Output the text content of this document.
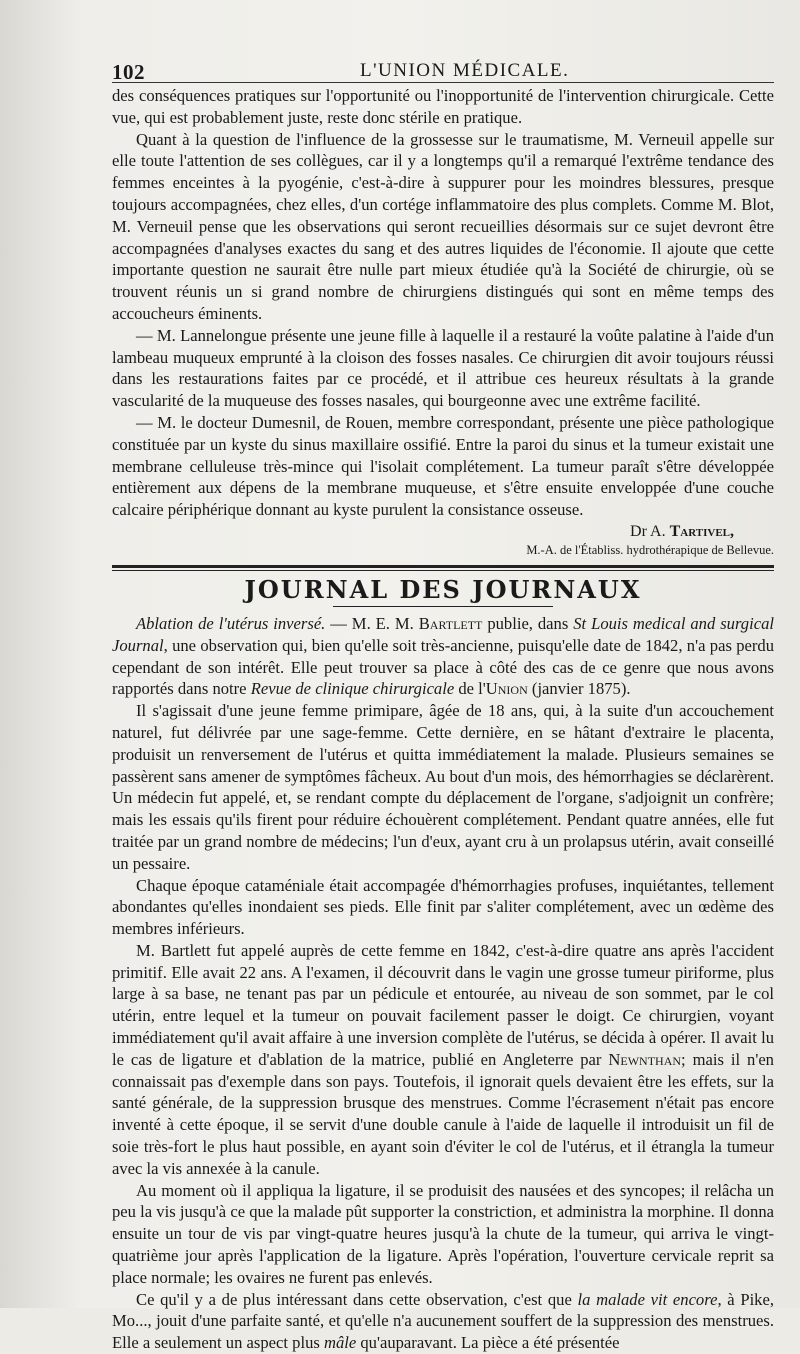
102	L'UNION MÉDICALE.

des conséquences pratiques sur l'opportunité ou l'inopportunité de l'intervention chirurgicale. Cette vue, qui est probablement juste, reste donc stérile en pratique.

Quant à la question de l'influence de la grossesse sur le traumatisme, M. Verneuil appelle sur elle toute l'attention de ses collègues, car il y a longtemps qu'il a remarqué l'extrême tendance des femmes enceintes à la pyogénie, c'est-à-dire à suppurer pour les moindres blessures, presque toujours accompagnées, chez elles, d'un cortége inflammatoire des plus complets. Comme M. Blot, M. Verneuil pense que les observations qui seront recueillies désormais sur ce sujet devront être accompagnées d'analyses exactes du sang et des autres liquides de l'économie. Il ajoute que cette importante question ne saurait être nulle part mieux étudiée qu'à la Société de chirurgie, où se trouvent réunis un si grand nombre de chirurgiens distingués qui sont en même temps des accoucheurs éminents.

— M. Lannelongue présente une jeune fille à laquelle il a restauré la voûte palatine à l'aide d'un lambeau muqueux emprunté à la cloison des fosses nasales. Ce chirurgien dit avoir toujours réussi dans les restaurations faites par ce procédé, et il attribue ces heureux résultats à la grande vascularité de la muqueuse des fosses nasales, qui bourgeonne avec une extrême facilité.

— M. le docteur Dumesnil, de Rouen, membre correspondant, présente une pièce pathologique constituée par un kyste du sinus maxillaire ossifié. Entre la paroi du sinus et la tumeur existait une membrane celluleuse très-mince qui l'isolait complétement. La tumeur paraît s'être développée entièrement aux dépens de la membrane muqueuse, et s'être ensuite enveloppée d'une couche calcaire périphérique donnant au kyste purulent la consistance osseuse.

Dr A. Tartivel,
M.-A. de l'Établiss. hydrothérapique de Bellevue.
JOURNAL DES JOURNAUX

Ablation de l'utérus inversé. — M. E. M. Bartlett publie, dans St Louis medical and surgical Journal, une observation qui, bien qu'elle soit très-ancienne, puisqu'elle date de 1842, n'a pas perdu cependant de son intérêt. Elle peut trouver sa place à côté des cas de ce genre que nous avons rapportés dans notre Revue de clinique chirurgicale de l'Union (janvier 1875).

Il s'agissait d'une jeune femme primipare, âgée de 18 ans, qui, à la suite d'un accouchement naturel, fut délivrée par une sage-femme. Cette dernière, en se hâtant d'extraire le placenta, produisit un renversement de l'utérus et quitta immédiatement la malade. Plusieurs semaines se passèrent sans amener de symptômes fâcheux. Au bout d'un mois, des hémorrhagies se déclarèrent. Un médecin fut appelé, et, se rendant compte du déplacement de l'organe, s'adjoignit un confrère; mais les essais qu'ils firent pour réduire échouèrent complétement. Pendant quatre années, elle fut traitée par un grand nombre de médecins; l'un d'eux, ayant cru à un prolapsus utérin, avait conseillé un pessaire.

Chaque époque cataméniale était accompagée d'hémorrhagies profuses, inquiétantes, tellement abondantes qu'elles inondaient ses pieds. Elle finit par s'aliter complétement, avec un œdème des membres inférieurs.

M. Bartlett fut appelé auprès de cette femme en 1842, c'est-à-dire quatre ans après l'accident primitif. Elle avait 22 ans. A l'examen, il découvrit dans le vagin une grosse tumeur piriforme, plus large à sa base, ne tenant pas par un pédicule et entourée, au niveau de son sommet, par le col utérin, entre lequel et la tumeur on pouvait facilement passer le doigt. Ce chirurgien, voyant immédiatement qu'il avait affaire à une inversion complète de l'utérus, se décida à opérer. Il avait lu le cas de ligature et d'ablation de la matrice, publié en Angleterre par Newnthan; mais il n'en connaissait pas d'exemple dans son pays. Toutefois, il ignorait quels devaient être les effets, sur la santé générale, de la suppression brusque des menstrues. Comme l'écrasement n'était pas encore inventé à cette époque, il se servit d'une double canule à l'aide de laquelle il introduisit un fil de soie très-fort le plus haut possible, en ayant soin d'éviter le col de l'utérus, et il étrangla la tumeur avec la vis annexée à la canule.

Au moment où il appliqua la ligature, il se produisit des nausées et des syncopes; il relâcha un peu la vis jusqu'à ce que la malade pût supporter la constriction, et administra la morphine. Il donna ensuite un tour de vis par vingt-quatre heures jusqu'à la chute de la tumeur, qui arriva le vingt-quatrième jour après l'application de la ligature. Après l'opération, l'ouverture cervicale reprit sa place normale; les ovaires ne furent pas enlevés.

Ce qu'il y a de plus intéressant dans cette observation, c'est que la malade vit encore, à Pike, Mo..., jouit d'une parfaite santé, et qu'elle n'a aucunement souffert de la suppression des menstrues. Elle a seulement un aspect plus mâle qu'auparavant. La pièce a été présentée
